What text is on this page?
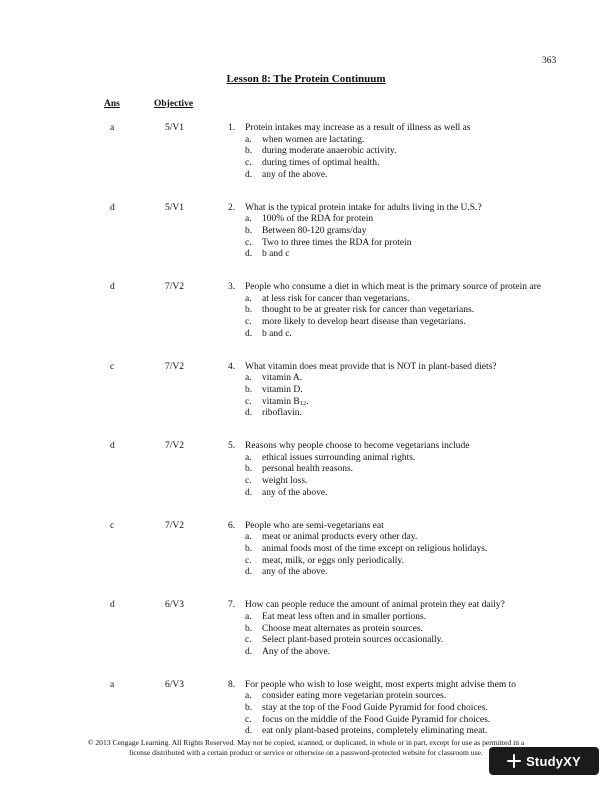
363
Lesson 8: The Protein Continuum
Ans	Objective
a	5/V1	1. Protein intakes may increase as a result of illness as well as
a. when women are lactating.
b. during moderate anaerobic activity.
c. during times of optimal health.
d. any of the above.
d	5/V1	2. What is the typical protein intake for adults living in the U.S.?
a. 100% of the RDA for protein
b. Between 80-120 grams/day
c. Two to three times the RDA for protein
d. b and c
d	7/V2	3. People who consume a diet in which meat is the primary source of protein are
a. at less risk for cancer than vegetarians.
b. thought to be at greater risk for cancer than vegetarians.
c. more likely to develop heart disease than vegetarians.
d. b and c.
c	7/V2	4. What vitamin does meat provide that is NOT in plant-based diets?
a. vitamin A.
b. vitamin D.
c. vitamin $B_{12}$.
d. riboflavin.
d	7/V2	5. Reasons why people choose to become vegetarians include
a. ethical issues surrounding animal rights.
b. personal health reasons.
c. weight loss.
d. any of the above.
c	7/V2	6. People who are semi-vegetarians eat
a. meat or animal products every other day.
b. animal foods most of the time except on religious holidays.
c. meat, milk, or eggs only periodically.
d. any of the above.
d	6/V3	7. How can people reduce the amount of animal protein they eat daily?
a. Eat meat less often and in smaller portions.
b. Choose meat alternates as protein sources.
c. Select plant-based protein sources occasionally.
d. Any of the above.
a	6/V3	8. For people who wish to lose weight, most experts might advise them to
a. consider eating more vegetarian protein sources.
b. stay at the top of the Food Guide Pyramid for food choices.
c. focus on the middle of the Food Guide Pyramid for choices.
d. eat only plant-based proteins, completely eliminating meat.
© 2013 Cengage Learning. All Rights Reserved. May not be copied, scanned, or duplicated, in whole or in part, except for use as permitted in a
license distributed with a certain product or service or otherwise on a password-protected website for classroom use.
StudyXY
